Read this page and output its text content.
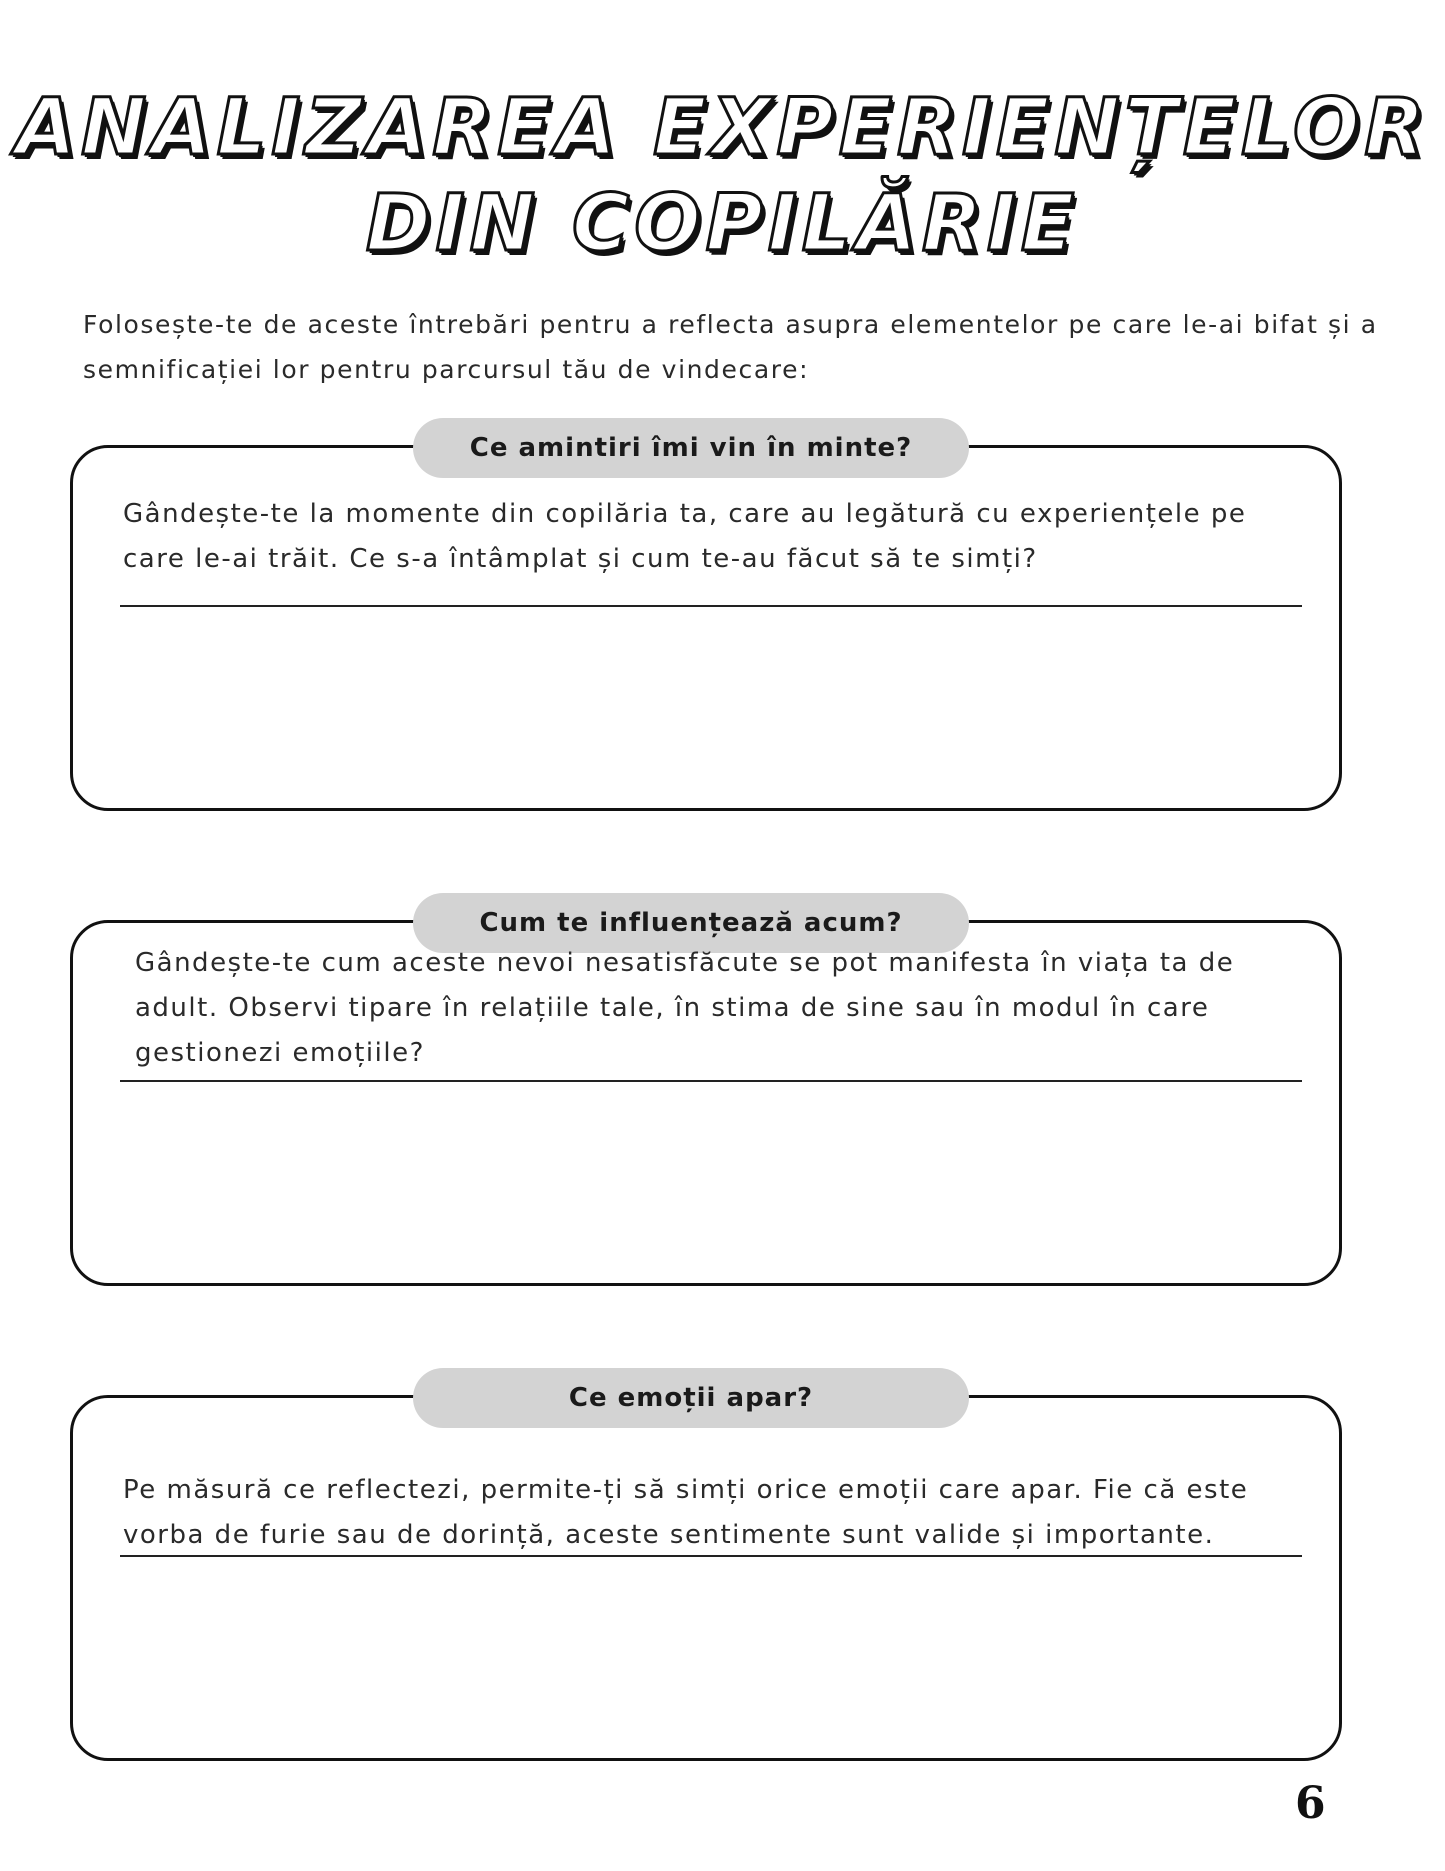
ANALIZAREA EXPERIENȚELOR
DIN COPILĂRIE

Folosește-te de aceste întrebări pentru a reflecta asupra elementelor pe care le-ai bifat și a semnificației lor pentru parcursul tău de vindecare:

Ce amintiri îmi vin în minte?

Gândește-te la momente din copilăria ta, care au legătură cu experiențele pe care le-ai trăit. Ce s-a întâmplat și cum te-au făcut să te simți?

Cum te influențează acum?

Gândește-te cum aceste nevoi nesatisfăcute se pot manifesta în viața ta de adult. Observi tipare în relațiile tale, în stima de sine sau în modul în care gestionezi emoțiile?

Ce emoții apar?

Pe măsură ce reflectezi, permite-ți să simți orice emoții care apar. Fie că este vorba de furie sau de dorință, aceste sentimente sunt valide și importante.

6
